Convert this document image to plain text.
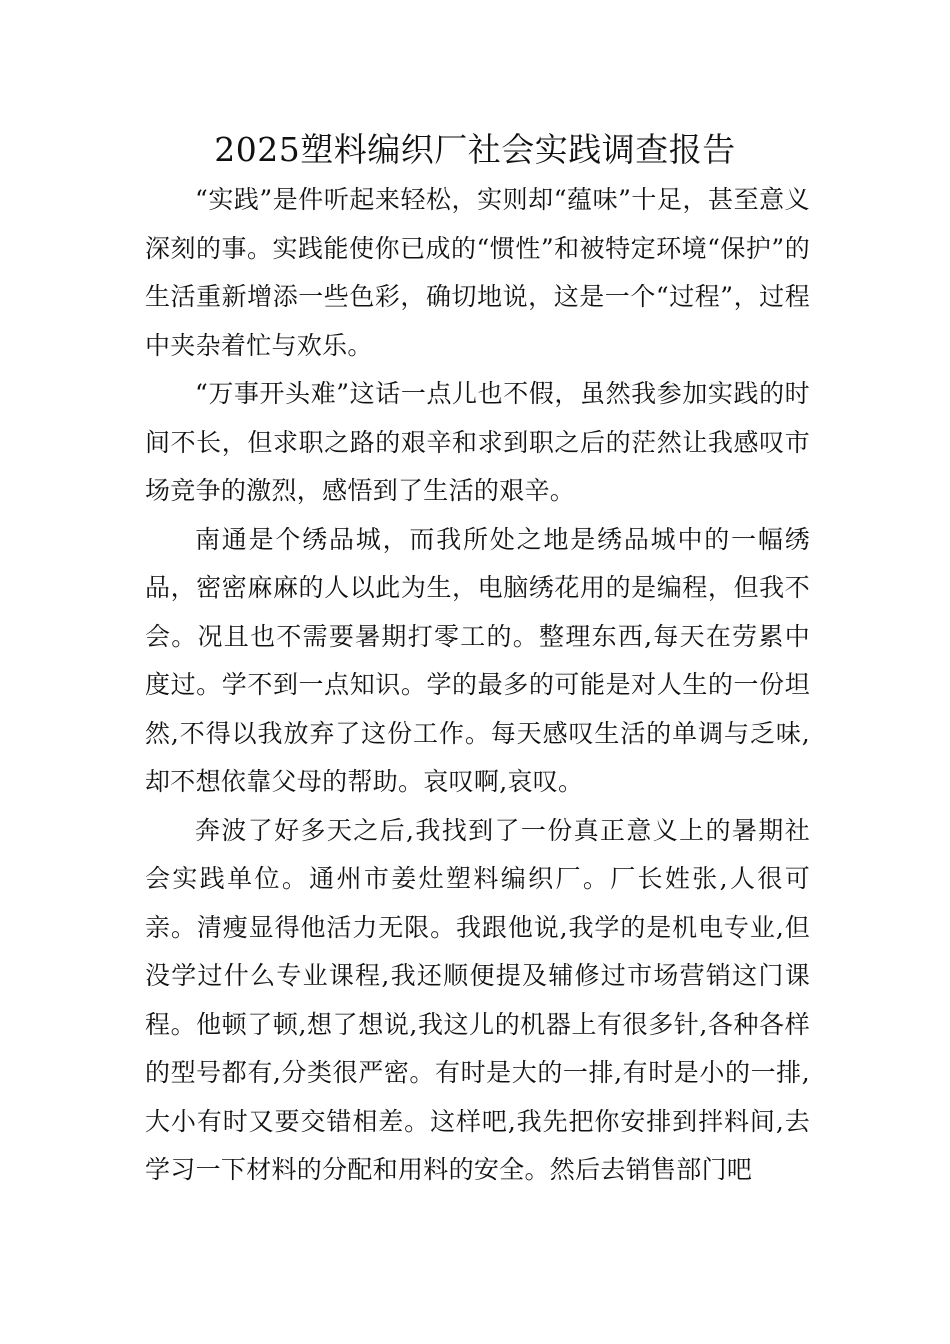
2025塑料编织厂社会实践调查报告

“实践”是件听起来轻松，实则却“蕴味”十足，甚至意义深刻的事。实践能使你已成的“惯性”和被特定环境“保护”的生活重新增添一些色彩，确切地说，这是一个“过程”，过程中夹杂着忙与欢乐。

“万事开头难”这话一点儿也不假，虽然我参加实践的时间不长，但求职之路的艰辛和求到职之后的茫然让我感叹市场竞争的激烈，感悟到了生活的艰辛。

南通是个绣品城，而我所处之地是绣品城中的一幅绣品，密密麻麻的人以此为生，电脑绣花用的是编程，但我不会。况且也不需要暑期打零工的。整理东西,每天在劳累中度过。学不到一点知识。学的最多的可能是对人生的一份坦然,不得以我放弃了这份工作。每天感叹生活的单调与乏味,却不想依靠父母的帮助。哀叹啊,哀叹。

奔波了好多天之后,我找到了一份真正意义上的暑期社会实践单位。通州市姜灶塑料编织厂。厂长姓张,人很可亲。清瘦显得他活力无限。我跟他说,我学的是机电专业,但没学过什么专业课程,我还顺便提及辅修过市场营销这门课程。他顿了顿,想了想说,我这儿的机器上有很多针,各种各样的型号都有,分类很严密。有时是大的一排,有时是小的一排,大小有时又要交错相差。这样吧,我先把你安排到拌料间,去学习一下材料的分配和用料的安全。然后去销售部门吧
